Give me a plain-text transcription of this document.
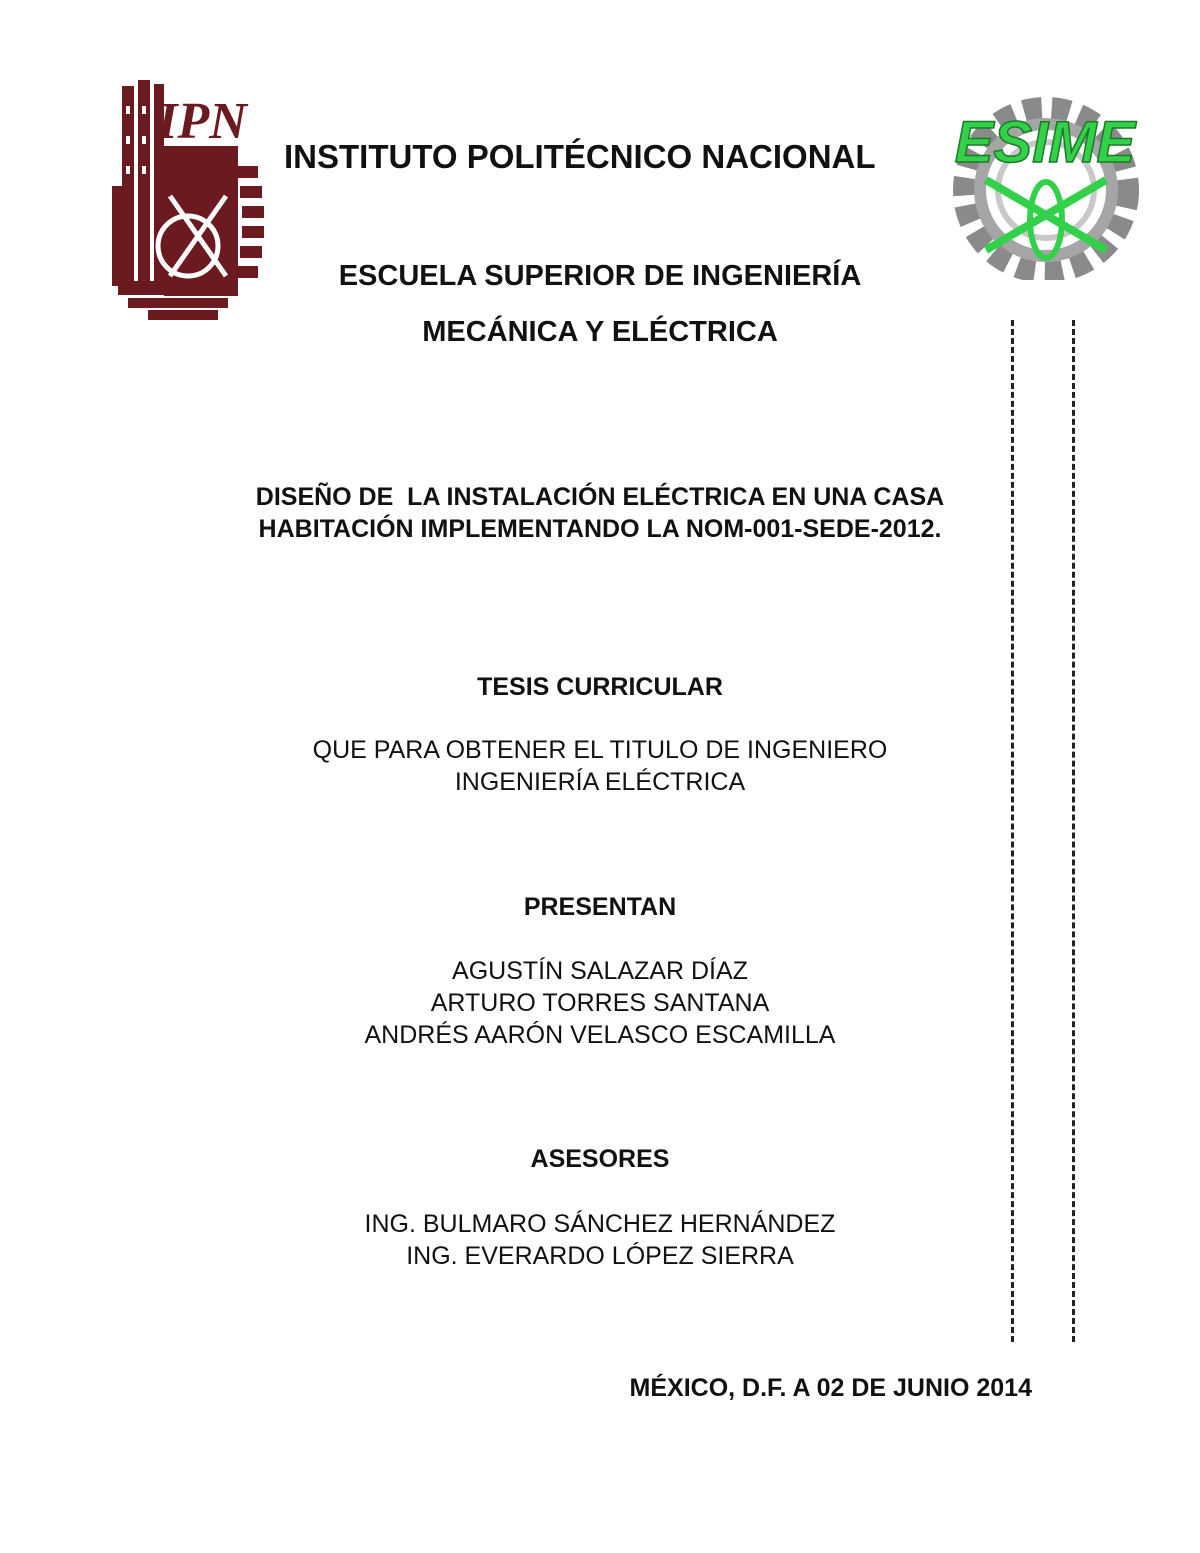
IPN	ESIME
INSTITUTO POLITÉCNICO NACIONAL
ESCUELA SUPERIOR DE INGENIERÍA
MECÁNICA Y ELÉCTRICA
DISEÑO DE  LA INSTALACIÓN ELÉCTRICA EN UNA CASA
HABITACIÓN IMPLEMENTANDO LA NOM-001-SEDE-2012.
TESIS CURRICULAR
QUE PARA OBTENER EL TITULO DE INGENIERO
INGENIERÍA ELÉCTRICA
PRESENTAN
AGUSTÍN SALAZAR DÍAZ
ARTURO TORRES SANTANA
ANDRÉS AARÓN VELASCO ESCAMILLA
ASESORES
ING. BULMARO SÁNCHEZ HERNÁNDEZ
ING. EVERARDO LÓPEZ SIERRA
MÉXICO, D.F. A 02 DE JUNIO 2014
